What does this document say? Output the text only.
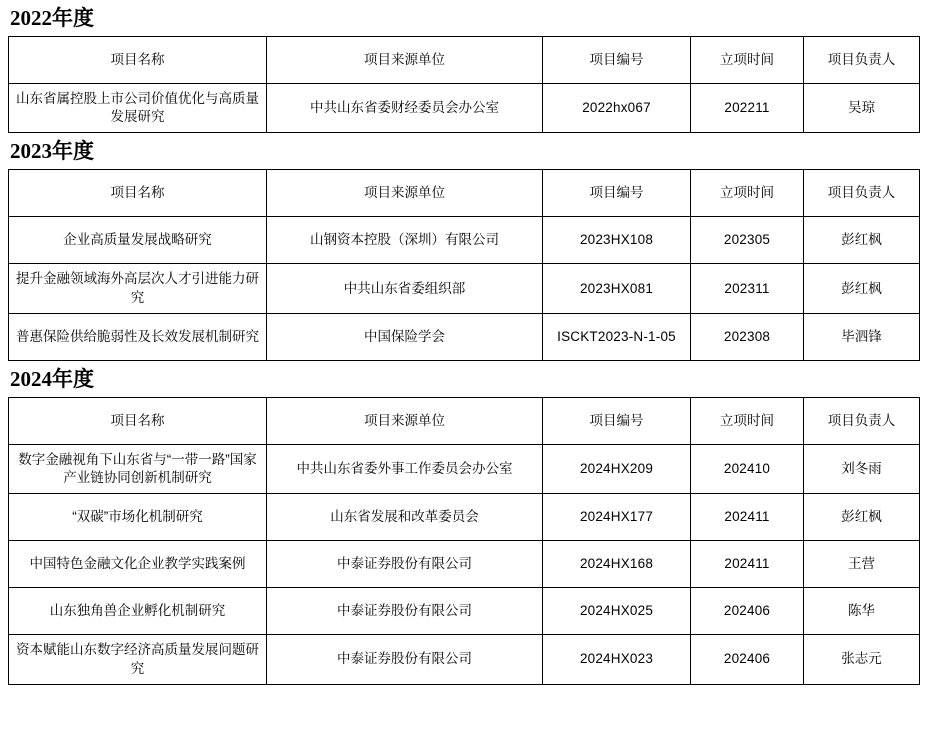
2022年度
项目名称	项目来源单位	项目编号	立项时间	项目负责人
山东省属控股上市公司价值优化与高质量发展研究	中共山东省委财经委员会办公室	2022hx067	202211	吴琼
2023年度
项目名称	项目来源单位	项目编号	立项时间	项目负责人
企业高质量发展战略研究	山钢资本控股（深圳）有限公司	2023HX108	202305	彭红枫
提升金融领域海外高层次人才引进能力研究	中共山东省委组织部	2023HX081	202311	彭红枫
普惠保险供给脆弱性及长效发展机制研究	中国保险学会	ISCKT2023-N-1-05	202308	毕泗锋
2024年度
项目名称	项目来源单位	项目编号	立项时间	项目负责人
数字金融视角下山东省与“一带一路”国家产业链协同创新机制研究	中共山东省委外事工作委员会办公室	2024HX209	202410	刘冬雨
“双碳”市场化机制研究	山东省发展和改革委员会	2024HX177	202411	彭红枫
中国特色金融文化企业教学实践案例	中泰证券股份有限公司	2024HX168	202411	王营
山东独角兽企业孵化机制研究	中泰证券股份有限公司	2024HX025	202406	陈华
资本赋能山东数字经济高质量发展问题研究	中泰证券股份有限公司	2024HX023	202406	张志元
